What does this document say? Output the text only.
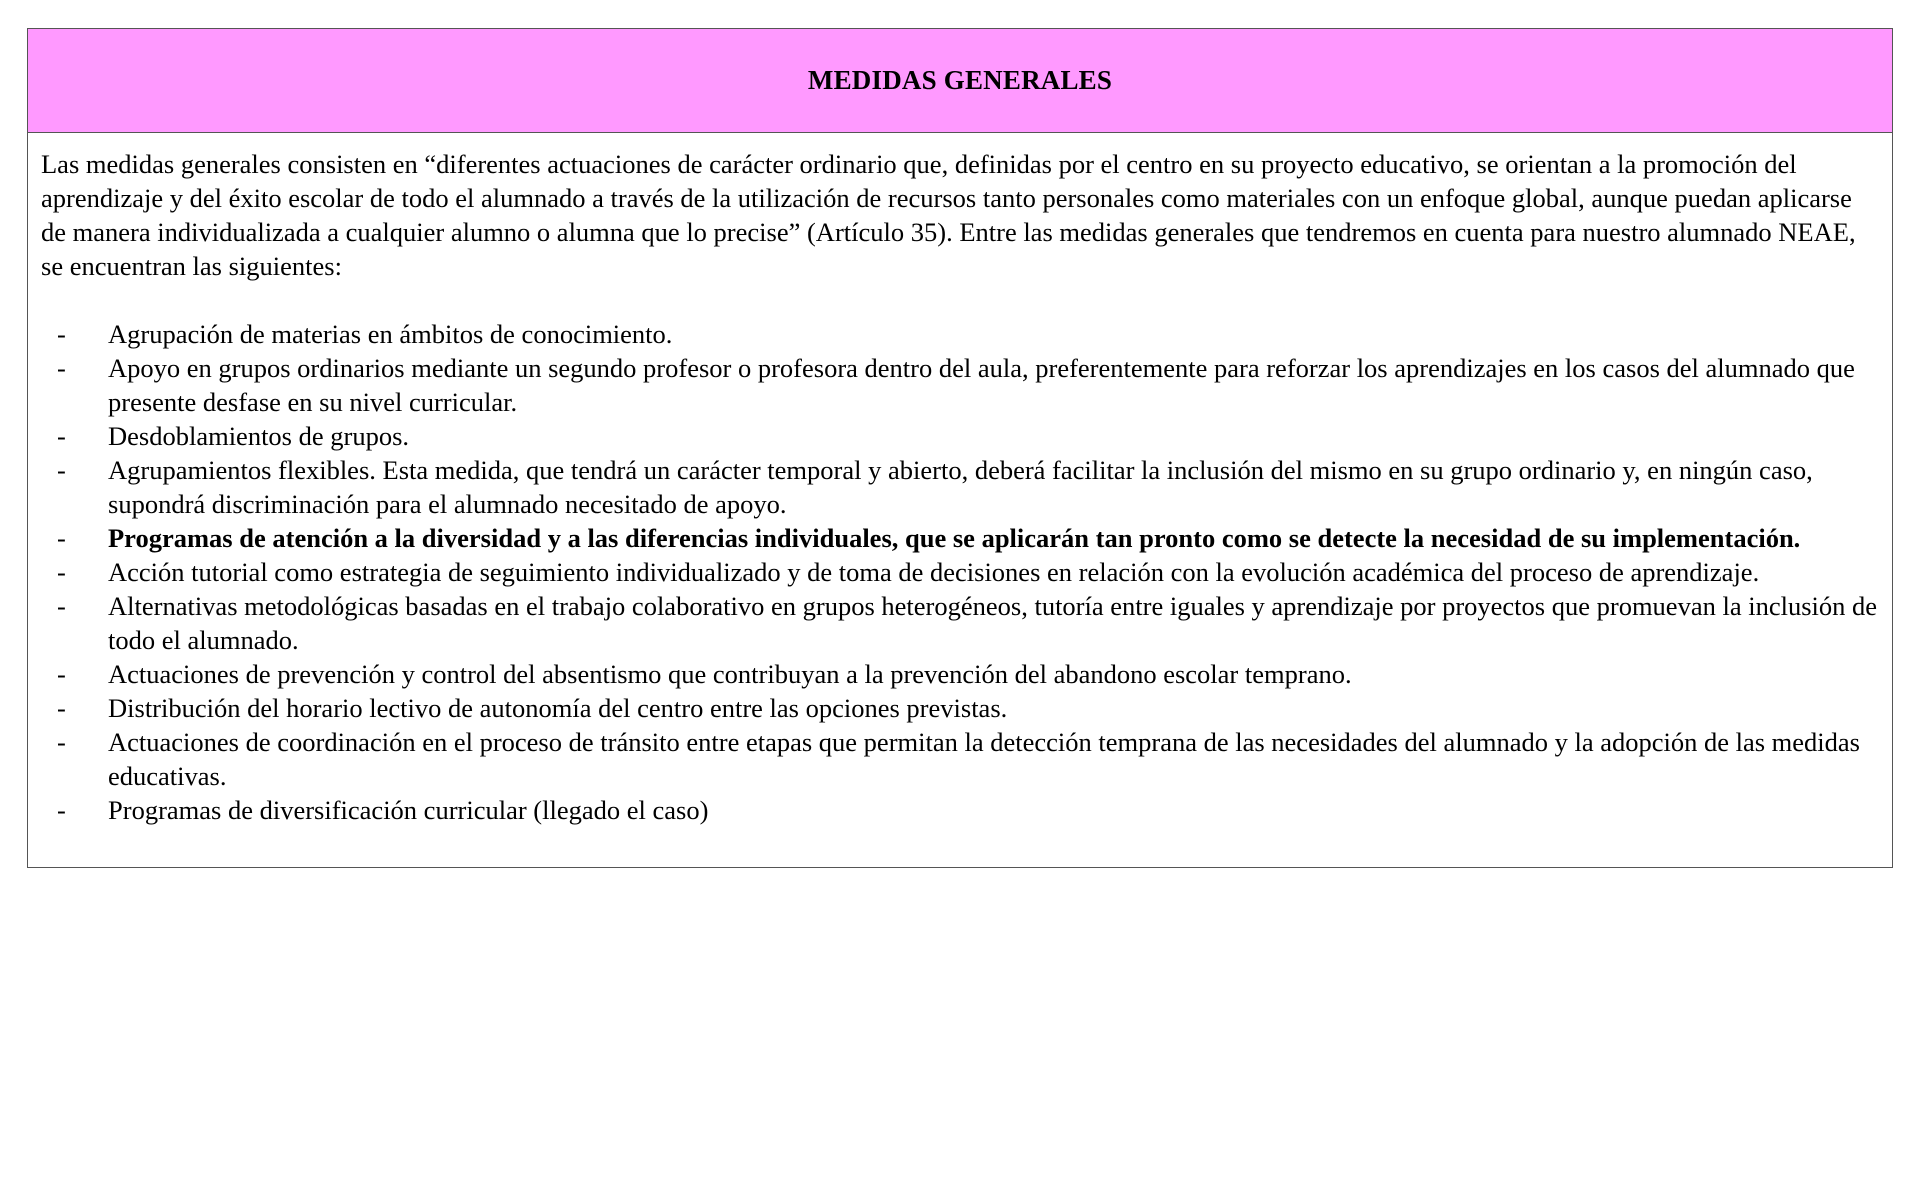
MEDIDAS GENERALES

Las medidas generales consisten en “diferentes actuaciones de carácter ordinario que, definidas por el centro en su proyecto educativo, se orientan a la promoción del aprendizaje y del éxito escolar de todo el alumnado a través de la utilización de recursos tanto personales como materiales con un enfoque global, aunque puedan aplicarse de manera individualizada a cualquier alumno o alumna que lo precise” (Artículo 35). Entre las medidas generales que tendremos en cuenta para nuestro alumnado NEAE, se encuentran las siguientes:

-	Agrupación de materias en ámbitos de conocimiento.
-	Apoyo en grupos ordinarios mediante un segundo profesor o profesora dentro del aula, preferentemente para reforzar los aprendizajes en los casos del alumnado que presente desfase en su nivel curricular.
-	Desdoblamientos de grupos.
-	Agrupamientos flexibles. Esta medida, que tendrá un carácter temporal y abierto, deberá facilitar la inclusión del mismo en su grupo ordinario y, en ningún caso, supondrá discriminación para el alumnado necesitado de apoyo.
-	Programas de atención a la diversidad y a las diferencias individuales, que se aplicarán tan pronto como se detecte la necesidad de su implementación.
-	Acción tutorial como estrategia de seguimiento individualizado y de toma de decisiones en relación con la evolución académica del proceso de aprendizaje.
-	Alternativas metodológicas basadas en el trabajo colaborativo en grupos heterogéneos, tutoría entre iguales y aprendizaje por proyectos que promuevan la inclusión de todo el alumnado.
-	Actuaciones de prevención y control del absentismo que contribuyan a la prevención del abandono escolar temprano.
-	Distribución del horario lectivo de autonomía del centro entre las opciones previstas.
-	Actuaciones de coordinación en el proceso de tránsito entre etapas que permitan la detección temprana de las necesidades del alumnado y la adopción de las medidas educativas.
-	Programas de diversificación curricular (llegado el caso)
